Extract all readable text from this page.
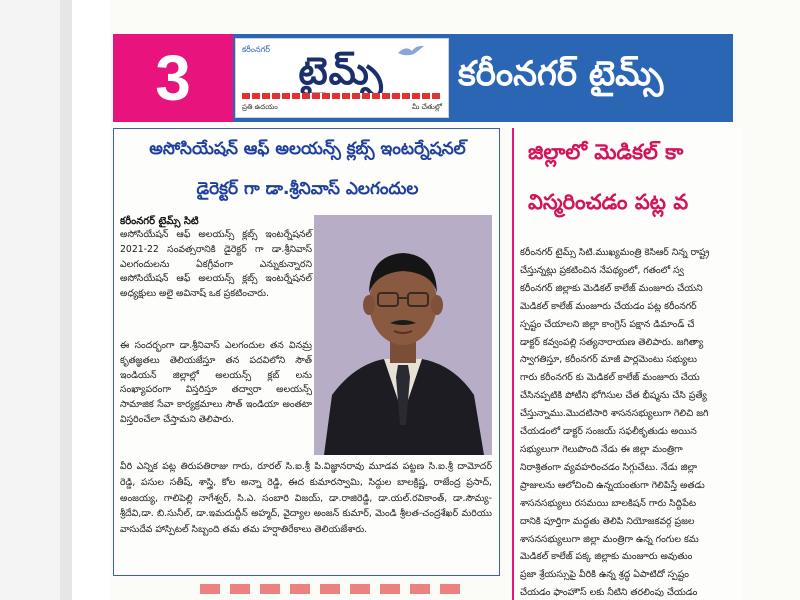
3	కరీంనగర్ టైమ్స్
ప్రతి ఉదయం	మీ చేతుల్లో
కరీంనగర్ టైమ్స్
అసోసియేషన్ ఆఫ్ అలయన్స్ క్లబ్స్ ఇంటర్నేషనల్
డైరెక్టర్ గా డా.శ్రీనివాస్ ఎలగందుల
కరీంనగర్ టైమ్స్ సిటి

అసోసియేషన్ ఆఫ్ అలయన్స్ క్లబ్స్ ఇంటర్నేషనల్ 2021-22 సంవత్సరానికి డైరెక్టర్ గా డా.శ్రీనివాస్ ఎలగందులను ఏకగ్రీవంగా ఎన్నుకున్నారని అసోసియేషన్ ఆఫ్ అలయన్స్ క్లబ్స్ ఇంటర్నేషనల్ అధ్యక్షులు అలై అవినాష్ ఒక ప్రకటించారు.

ఈ సందర్భంగా డా.శ్రీనివాస్ ఎలగందుల తన వినమ్ర కృతజ్ఞతలు తెలియజేస్తూ తన పదవిలోని సౌత్ ఇండియన్ జిల్లాల్లో అలయన్స్ క్లబ్ లను సంఖ్యాపరంగా విస్తరిస్తూ తద్వారా అలయన్స్ సామాజిక సేవా కార్యక్రమాలు సౌత్ ఇండియా అంతటా విస్తరించేలా చేస్తామని తెలిపారు.

వీరి ఎన్నిక పట్ల తిరుపతిరాజు గారు, రూరల్ సి.ఐ.శ్రీ పి.విజ్ఞానరావు మూడవ పట్టణ సి.ఐ.శ్రీ దామోదర్ రెడ్డి, పసుల సతీష్, శాస్త్రి, కోల అన్నా రెడ్డి, ఈద కుమారస్వామి, సిద్దుల బాలక్రిష్ణ, రాజేంద్ర ప్రసాద్, అంజయ్య, గాలిపెల్లి నాగేశ్వర్, సి.ఎ. సంబారి విజయ్, డా.రాజిరెడ్డి, డా.యల్.రవికాంత్, డా.సౌమ్య-శ్రీదేవి,డా. బి.సునీల్, డా.ఇమదుద్దీన్ అహ్మద్, వైద్యాల అంజన్ కుమార్, మెండి శ్రీలత-చంద్రశేఖర్ మరియు వాసుదేవ హాస్పిటల్ సిబ్బంది తమ తమ హర్షాతిరేకాలు తెలియజేశారు.

జిల్లాలో మెడికల్ కా
విస్మరించడం పట్ల వ
కరీంనగర్ టైమ్స్ సిటి.ముఖ్యమంత్రి కెసిఆర్ నిన్న రాష్ట్ర
చేస్తున్నట్లు ప్రకటించిన నేపథ్యంలో, గతంలో స్వ
కరీంనగర్ జిల్లాకు మెడికల్ కాలేజ్ మంజూరు చేయని
మెడికల్ కాలేజ్ మంజూరు చేయడం పట్ల కరీంనగర్
స్పష్టం చేయాలని జిల్లా కాంగ్రెస్ పక్షాన డిమాండ్ చే
డాక్టర్ కవ్వంపల్లి సత్యనారాయణ తెలిపారు. జగిత్యా
స్వాగతిస్తూ, కరీంనగర్ మాజీ పార్లమెంటు సభ్యులు
గారు కరీంనగర్ కు మెడికల్ కాలేజ్ మంజూరు చేయ
చేసినప్పటికి పోటీని భోగిసుల చేత భీష్మను చేసి ప్రత్యే
చేస్తున్నాము.మొదటిసారి శాసనసభ్యులుగా గెలిచి జగి
చేయడంలో డాక్టర్ సంజయ్ సఫలీకృతుడు అయిన
సభ్యులుగా గెలుపొంది నేడు ఈ జిల్లా మంత్రిగా
నిరాశ్రితంగా వ్యవహరించడం సిగ్గుచేటు. నేడు జిల్లా
ప్రాజులను ఆలోచించి ఉన్నయంతుగా గెలిపిస్తే అతడు
శాసనసభ్యులు రసమయి బాలకిషన్ గారు సిద్దిపేట
దానికి పూర్తిగా మద్దతు తెలిపి నియోజకవర్గ ప్రజల
శాసనసభ్యులుగా జిల్లా మంత్రిగా ఉన్న గంగుల కమ
మెడికల్ కాలేజ్ పక్క జిల్లాకు మంజూరు అవుతుం
ప్రజా శ్రేయస్సుపై వీరికి ఉన్న శ్రద్ధ ఏపాటిదో స్పష్టం
చేయడం ఫాంహౌస్ లకు నీటిని తరలింపు చేయడం
